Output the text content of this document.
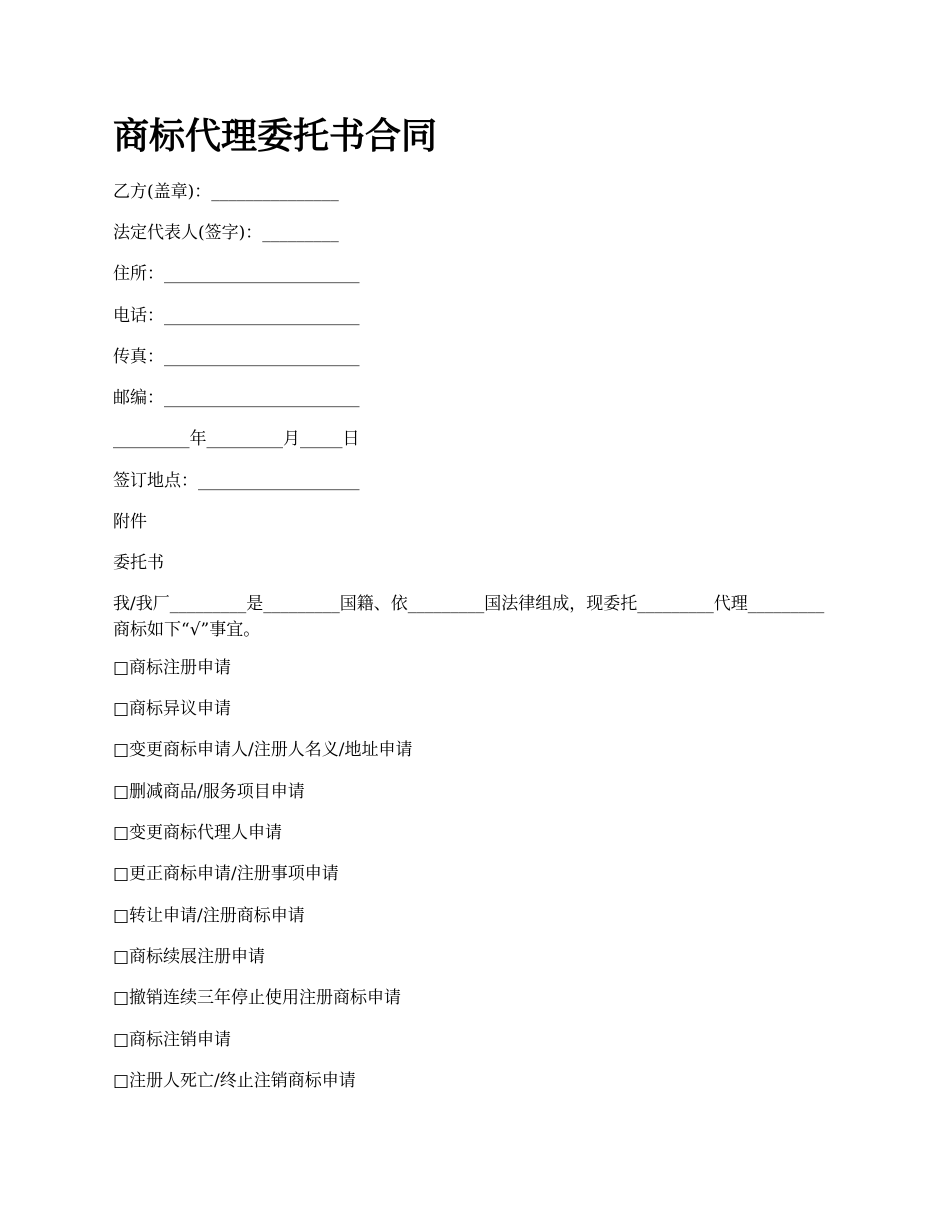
商标代理委托书合同

乙方(盖章)：_______________

法定代表人(签字)：_________

住所：_______________________

电话：_______________________

传真：_______________________

邮编：_______________________

_________年_________月_____日

签订地点：___________________

附件

委托书

我/我厂_________是_________国籍、依_________国法律组成，现委托_________代理_________商标如下“√”事宜。

□商标注册申请

□商标异议申请

□变更商标申请人/注册人名义/地址申请

□删减商品/服务项目申请

□变更商标代理人申请

□更正商标申请/注册事项申请

□转让申请/注册商标申请

□商标续展注册申请

□撤销连续三年停止使用注册商标申请

□商标注销申请

□注册人死亡/终止注销商标申请
